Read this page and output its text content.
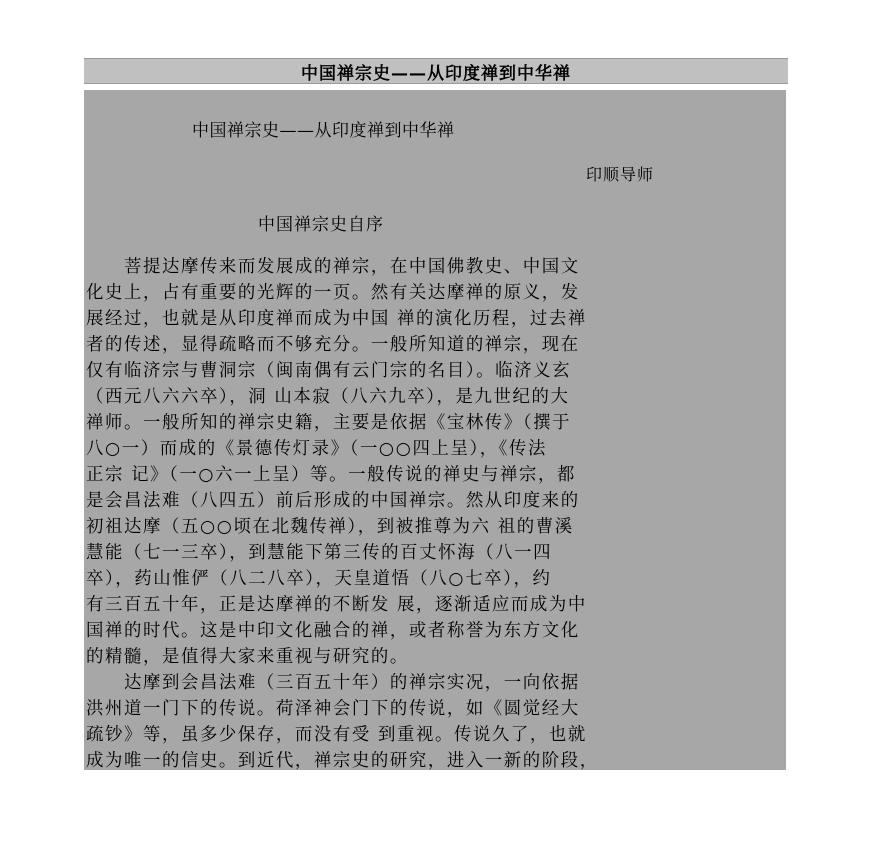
中国禅宗史——从印度禅到中华禅
中国禅宗史——从印度禅到中华禅
印顺导师
中国禅宗史自序
　　菩提达摩传来而发展成的禅宗，在中国佛教史、中国文
化史上，占有重要的光辉的一页。然有关达摩禅的原义，发
展经过，也就是从印度禅而成为中国 禅的演化历程，过去禅
者的传述，显得疏略而不够充分。一般所知道的禅宗，现在
仅有临济宗与曹洞宗（闽南偶有云门宗的名目）。临济义玄
（西元八六六卒），洞 山本寂（八六九卒），是九世纪的大
禅师。一般所知的禅宗史籍，主要是依据《宝林传》（撰于
八○一）而成的《景德传灯录》（一○○四上呈），《传法
正宗 记》（一○六一上呈）等。一般传说的禅史与禅宗，都
是会昌法难（八四五）前后形成的中国禅宗。然从印度来的
初祖达摩（五○○顷在北魏传禅），到被推尊为六 祖的曹溪
慧能（七一三卒），到慧能下第三传的百丈怀海（八一四
卒），药山惟俨（八二八卒），天皇道悟（八○七卒），约
有三百五十年，正是达摩禅的不断发 展，逐渐适应而成为中
国禅的时代。这是中印文化融合的禅，或者称誉为东方文化
的精髓，是值得大家来重视与研究的。
　　达摩到会昌法难（三百五十年）的禅宗实况，一向依据
洪州道一门下的传说。荷泽神会门下的传说，如《圆觉经大
疏钞》等，虽多少保存，而没有受 到重视。传说久了，也就
成为唯一的信史。到近代，禅宗史的研究，进入一新的阶段，
